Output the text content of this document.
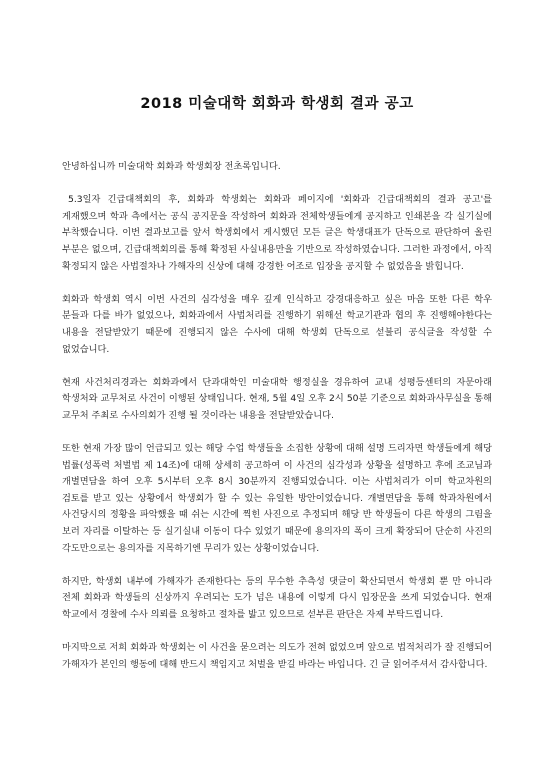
2018 미술대학 회화과 학생회 결과 공고

안녕하십니까 미술대학 회화과 학생회장 전초록입니다.

5.3일자 긴급대책회의 후, 회화과 학생회는 회화과 페이지에 '회화과 긴급대책회의 결과 공고'를 게재했으며 학과 측에서는 공식 공지문을 작성하여 회화과 전체학생들에게 공지하고 인쇄본을 각 실기실에 부착했습니다. 이번 결과보고를 앞서 학생회에서 게시했던 모든 글은 학생대표가 단독으로 판단하여 올린 부분은 없으며, 긴급대책회의를 통해 확정된 사실내용만을 기반으로 작성하였습니다. 그러한 과정에서, 아직 확정되지 않은 사법절차나 가해자의 신상에 대해 강경한 어조로 입장을 공지할 수 없었음을 밝힙니다.

회화과 학생회 역시 이번 사건의 심각성을 매우 깊게 인식하고 강경대응하고 싶은 마음 또한 다른 학우 분들과 다를 바가 없었으나, 회화과에서 사법처리를 진행하기 위해선 학교기관과 협의 후 진행해야한다는 내용을 전달받았기 때문에 진행되지 않은 수사에 대해 학생회 단독으로 섣불리 공식글을 작성할 수 없었습니다.

현재 사건처리경과는 회화과에서 단과대학인 미술대학 행정실을 경유하여 교내 성평등센터의 자문아래 학생처와 교무처로 사건이 이행된 상태입니다. 현재, 5월 4일 오후 2시 50분 기준으로 회화과사무실을 통해 교무처 주최로 수사의회가 진행 될 것이라는 내용을 전달받았습니다.

또한 현재 가장 많이 언급되고 있는 해당 수업 학생들을 소집한 상황에 대해 설명 드리자면 학생들에게 해당 법률(성폭력 처벌법 제 14조)에 대해 상세히 공고하여 이 사건의 심각성과 상황을 설명하고 후에 조교님과 개별면담을 하여 오후 5시부터 오후 8시 30분까지 진행되었습니다. 이는 사법처리가 이미 학교차원의 검토를 받고 있는 상황에서 학생회가 할 수 있는 유일한 방안이었습니다. 개별면담을 통해 학과차원에서 사건당시의 정황을 파악했을 때 쉬는 시간에 찍힌 사진으로 추정되며 해당 반 학생들이 다른 학생의 그림을 보러 자리를 이탈하는 등 실기실내 이동이 다수 있었기 때문에 용의자의 폭이 크게 확장되어 단순히 사진의 각도만으로는 용의자를 지목하기엔 무리가 있는 상황이었습니다.

하지만, 학생회 내부에 가해자가 존재한다는 등의 무수한 추측성 댓글이 확산되면서 학생회 뿐 만 아니라 전체 회화과 학생들의 신상까지 우려되는 도가 넘은 내용에 이렇게 다시 입장문을 쓰게 되었습니다. 현재 학교에서 경찰에 수사 의뢰를 요청하고 절차를 밟고 있으므로 섣부른 판단은 자제 부탁드립니다.

마지막으로 저희 회화과 학생회는 이 사건을 묻으려는 의도가 전혀 없었으며 앞으로 법적처리가 잘 진행되어 가해자가 본인의 행동에 대해 반드시 책임지고 처벌을 받길 바라는 바입니다. 긴 글 읽어주셔서 감사합니다.
